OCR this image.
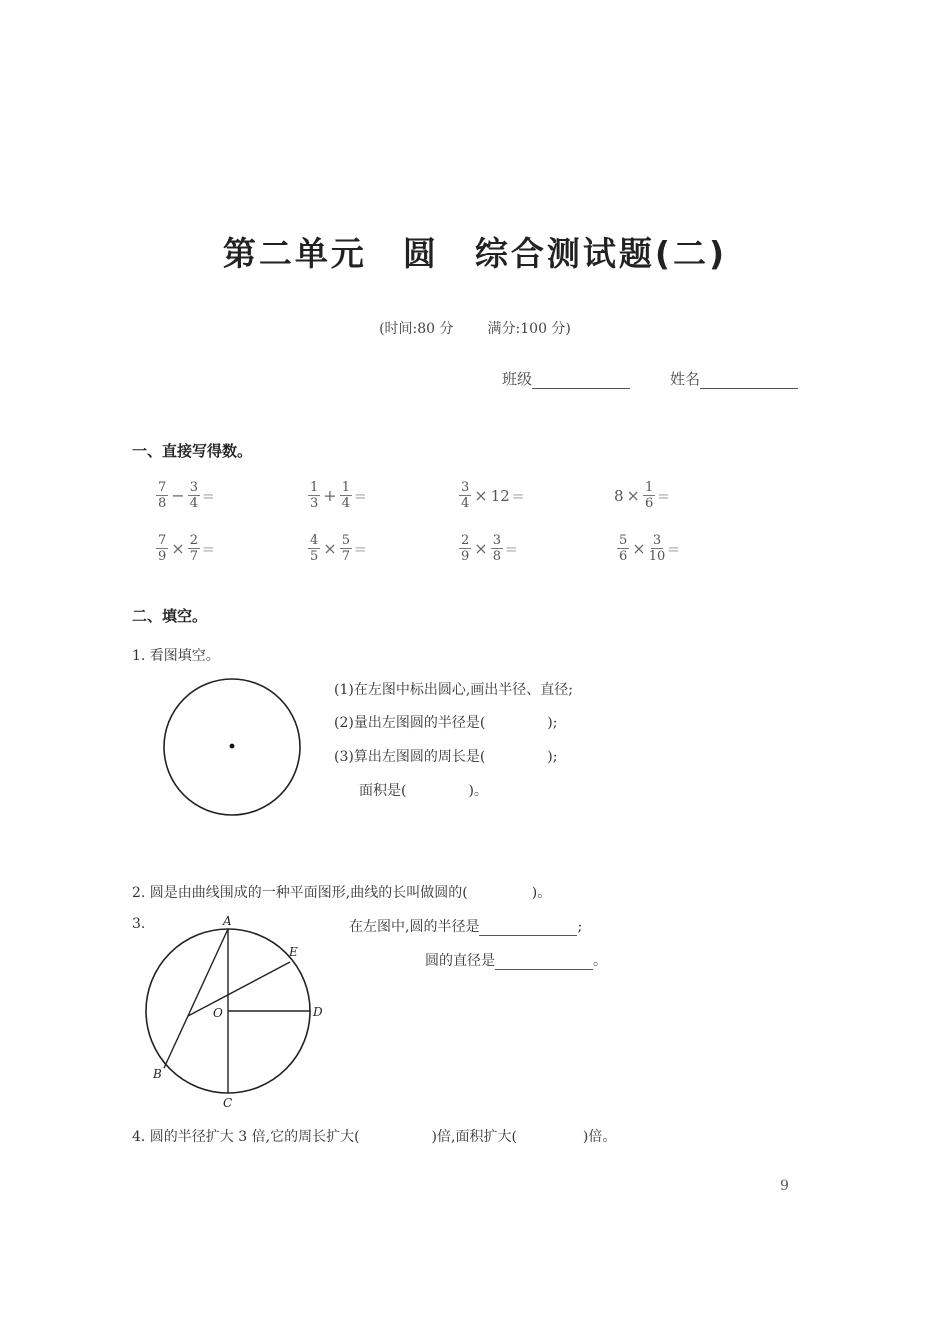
第二单元 圆 综合测试题(二)
(时间:80 分 满分:100 分)
班级	姓名
一、直接写得数。
$\frac{7}{8} - \frac{3}{4}$ =	$\frac{1}{3} + \frac{1}{4}$ =	$\frac{3}{4} \times 12$ =	$8 \times \frac{1}{6}$ =
$\frac{7}{9} \times \frac{2}{7}$ =	$\frac{4}{5} \times \frac{5}{7}$ =	$\frac{2}{9} \times \frac{3}{8}$ =	$\frac{5}{6} \times \frac{3}{10}$ =
二、填空。
1. 看图填空。
(1)在左图中标出圆心,画出半径、直径;
(2)量出左图圆的半径是(	);
(3)算出左图圆的周长是(	);
面积是(	)。
2. 圆是由曲线围成的一种平面图形,曲线的长叫做圆的(	)。
3.	A
E
O	D
B
C
在左图中,圆的半径是	;
圆的直径是	。
4. 圆的半径扩大 3 倍,它的周长扩大(	)倍,面积扩大(	)倍。
9
